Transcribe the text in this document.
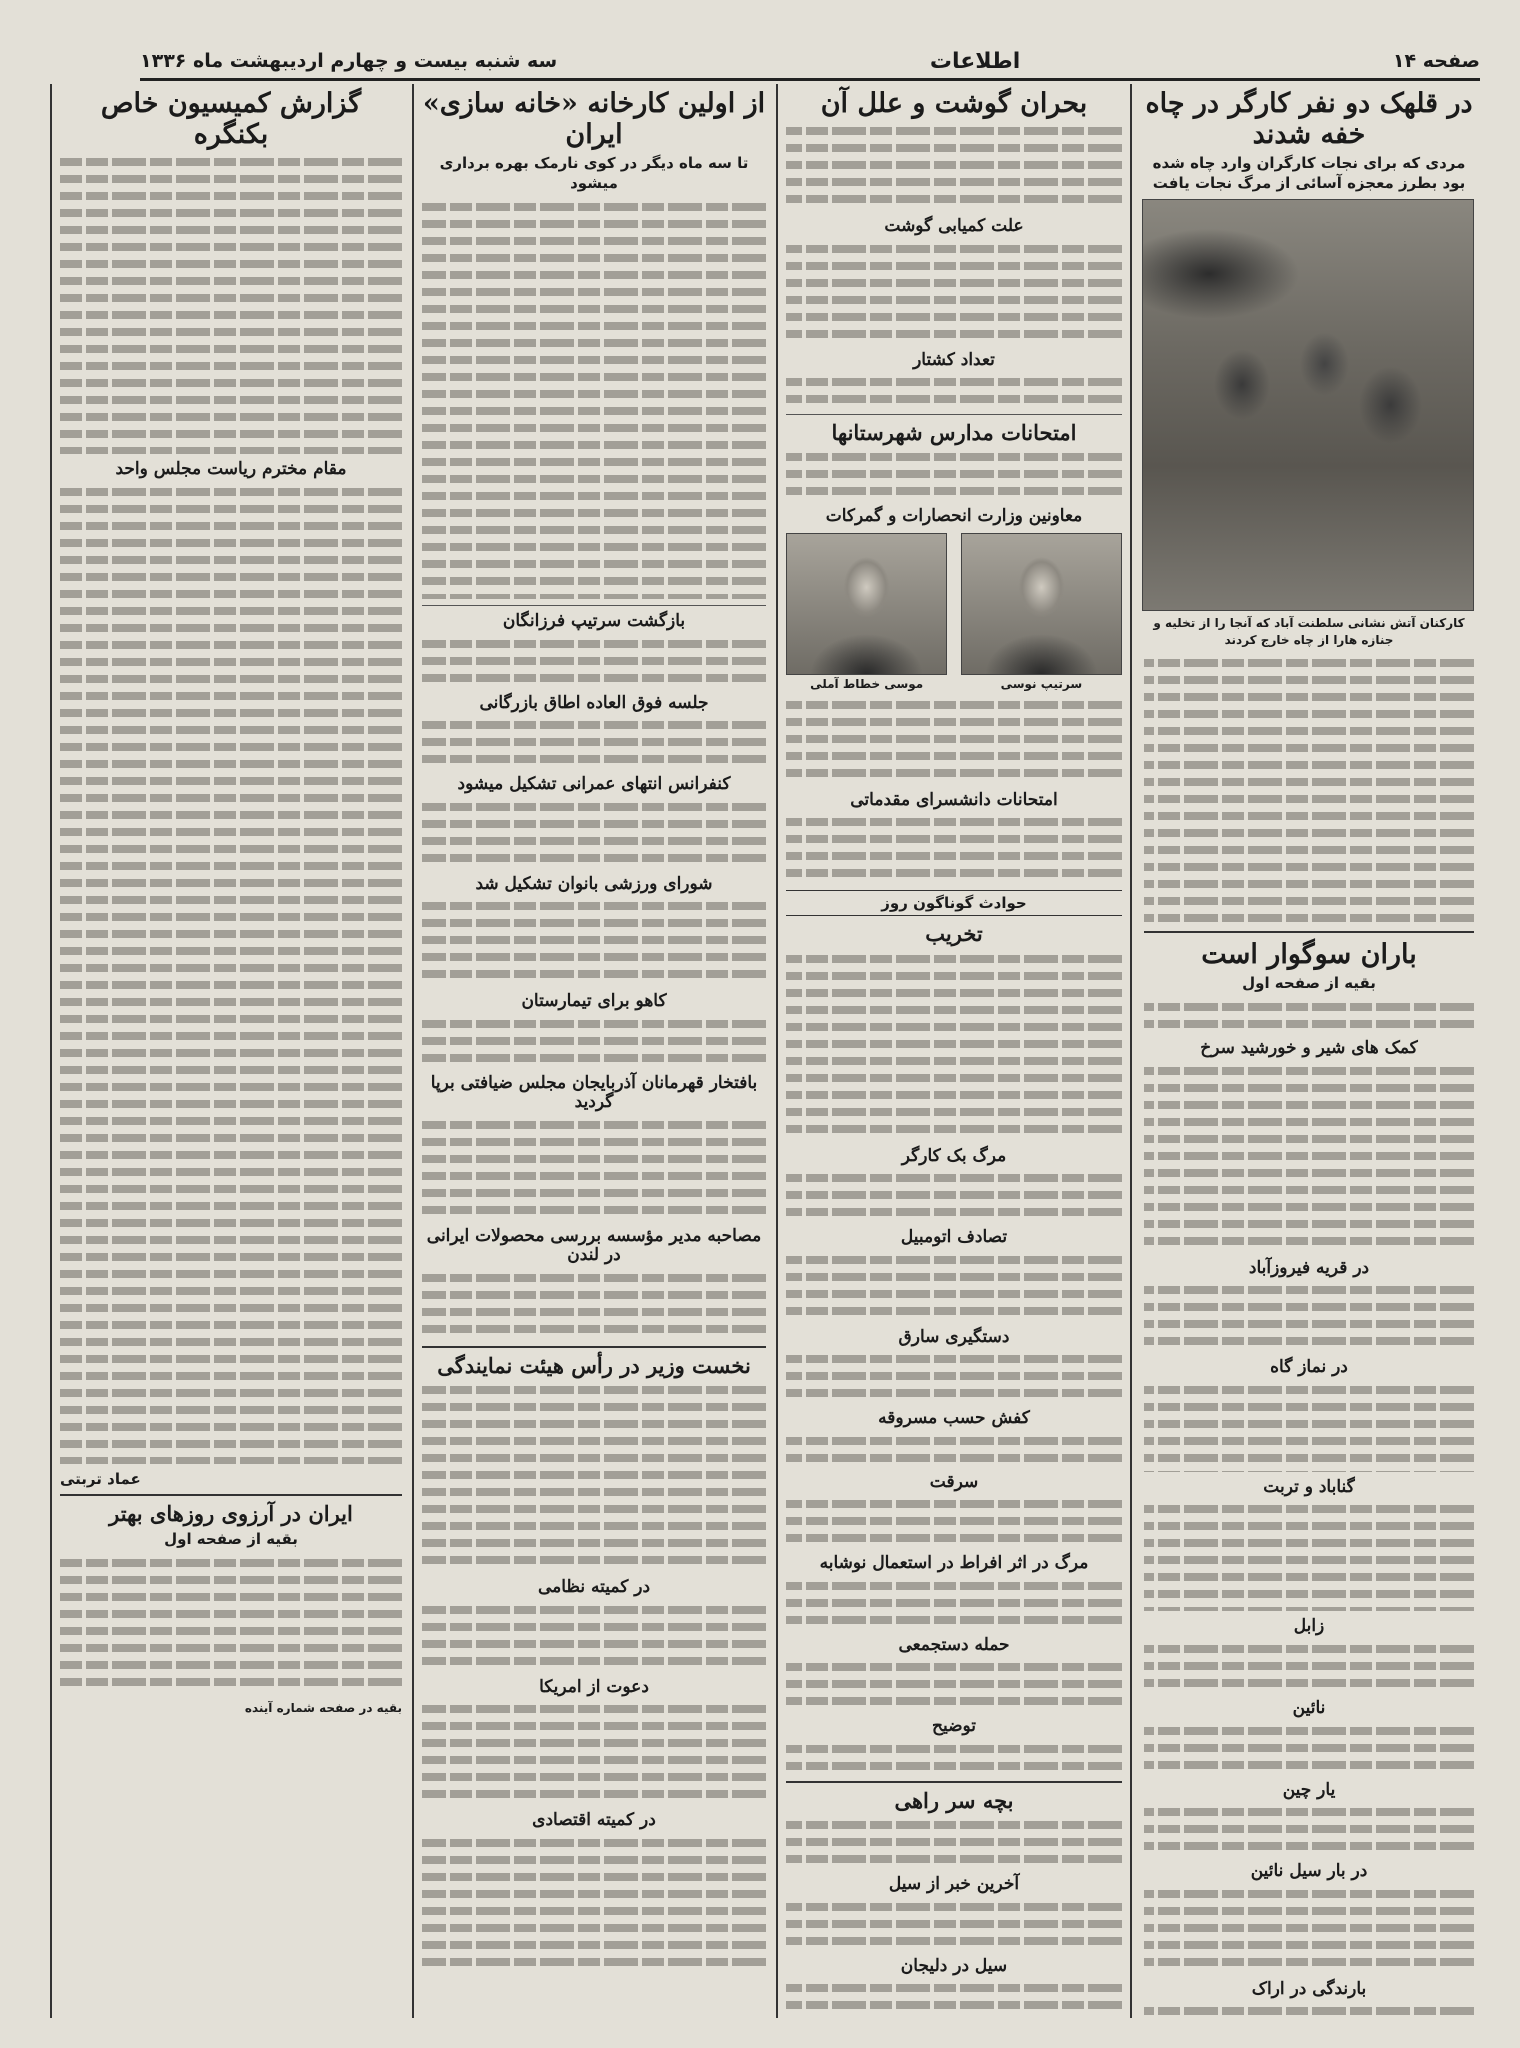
صفحه ۱۴
اطلاعات
سه شنبه بیست و چهارم اردیبهشت ماه ۱۳۳۶
در قلهک دو نفر کارگر در چاه خفه شدند
مردی که برای نجات کارگران وارد چاه شده بود بطرز معجزه آسائی از مرگ نجات یافت
کارکنان آتش نشانی سلطنت آباد که آنجا را از تخلیه و جنازه هارا از چاه خارج کردند
باران سوگوار است
بقیه از صفحه اول
کمک های شیر و خورشید سرخ
در قریه فیروزآباد
در نماز گاه
گناباد و تربت
زابل
نائین
یار چین
در بار سیل نائین
بارندگی در اراک
بحران گوشت و علل آن
علت کمیابی گوشت
تعداد کشتار
امتحانات مدارس شهرستانها
معاونین وزارت انحصارات و گمرکات
سرتیپ نوسی
موسی خطاط آملی
امتحانات دانشسرای مقدماتی
حوادث گوناگون روز
تخریب
مرگ بک کارگر
تصادف اتومبیل
دستگیری سارق
کفش حسب مسروقه
سرقت
مرگ در اثر افراط در استعمال نوشابه
حمله دستجمعی
توضیح
بچه سر راهی
آخرین خبر از سیل
سیل در دلیجان
از اولین کارخانه «خانه سازی» ایران
تا سه ماه دیگر در کوی نارمک بهره برداری میشود
بازگشت سرتیپ فرزانگان
جلسه فوق العاده اطاق بازرگانی
کنفرانس انتهای عمرانی تشکیل میشود
شورای ورزشی بانوان تشکیل شد
کاهو برای تیمارستان
بافتخار قهرمانان آذربایجان مجلس ضیافتی برپا گردید
مصاحبه مدیر مؤسسه بررسی محصولات ایرانی در لندن
نخست وزیر در رأس هیئت نمایندگی
در کمیته نظامی
دعوت از امریکا
در کمیته اقتصادی
گزارش کمیسیون خاص بکنگره
مقام مخترم ریاست مجلس واحد
عماد تربتی
ایران در آرزوی روزهای بهتر
بقیه از صفحه اول
بقیه در صفحه شماره آینده
